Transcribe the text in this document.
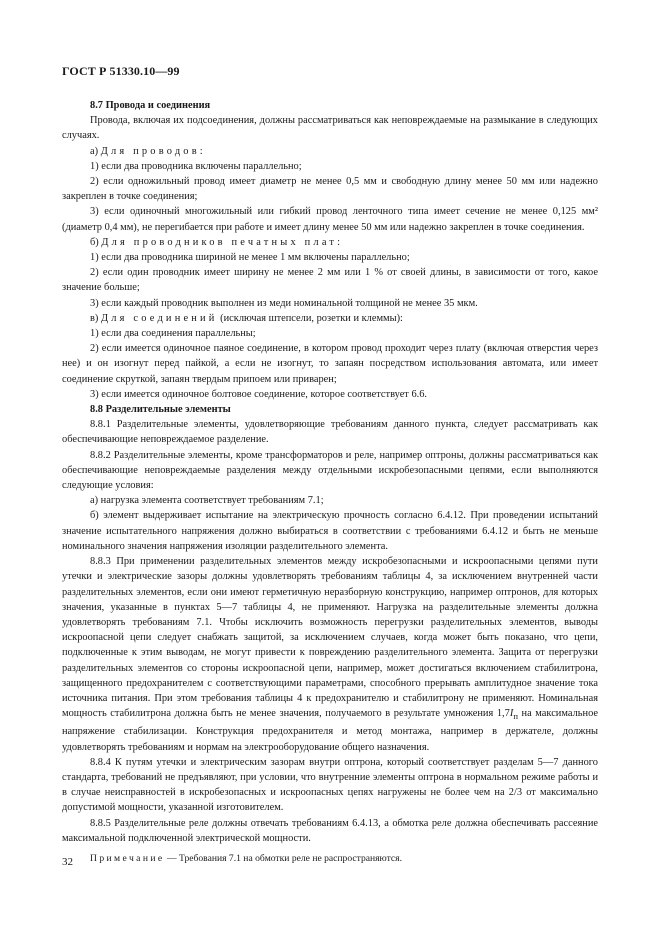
ГОСТ Р 51330.10—99

8.7 Провода и соединения

Провода, включая их подсоединения, должны рассматриваться как неповреждаемые на размыкание в следующих случаях.

а) Для проводов:

1) если два проводника включены параллельно;

2) если одножильный провод имеет диаметр не менее 0,5 мм и свободную длину менее 50 мм или надежно закреплен в точке соединения;

3) если одиночный многожильный или гибкий провод ленточного типа имеет сечение не менее 0,125 мм² (диаметр 0,4 мм), не перегибается при работе и имеет длину менее 50 мм или надежно закреплен в точке соединения.

б) Для проводников печатных плат:

1) если два проводника шириной не менее 1 мм включены параллельно;

2) если один проводник имеет ширину не менее 2 мм или 1 % от своей длины, в зависимости от того, какое значение больше;

3) если каждый проводник выполнен из меди номинальной толщиной не менее 35 мкм.

в) Для соединений (исключая штепсели, розетки и клеммы):

1) если два соединения параллельны;

2) если имеется одиночное паяное соединение, в котором провод проходит через плату (включая отверстия через нее) и он изогнут перед пайкой, а если не изогнут, то запаян посредством использования автомата, или имеет соединение скруткой, запаян твердым припоем или приварен;

3) если имеется одиночное болтовое соединение, которое соответствует 6.6.

8.8 Разделительные элементы

8.8.1 Разделительные элементы, удовлетворяющие требованиям данного пункта, следует рассматривать как обеспечивающие неповреждаемое разделение.

8.8.2 Разделительные элементы, кроме трансформаторов и реле, например оптроны, должны рассматриваться как обеспечивающие неповреждаемые разделения между отдельными искробезопасными цепями, если выполняются следующие условия:

а) нагрузка элемента соответствует требованиям 7.1;

б) элемент выдерживает испытание на электрическую прочность согласно 6.4.12. При проведении испытаний значение испытательного напряжения должно выбираться в соответствии с требованиями 6.4.12 и быть не меньше номинального значения напряжения изоляции разделительного элемента.

8.8.3 При применении разделительных элементов между искробезопасными и искроопасными цепями пути утечки и электрические зазоры должны удовлетворять требованиям таблицы 4, за исключением внутренней части разделительных элементов, если они имеют герметичную неразборную конструкцию, например оптронов, для которых значения, указанные в пунктах 5—7 таблицы 4, не применяют. Нагрузка на разделительные элементы должна удовлетворять требованиям 7.1. Чтобы исключить возможность перегрузки разделительных элементов, выводы искроопасной цепи следует снабжать защитой, за исключением случаев, когда может быть показано, что цепи, подключенные к этим выводам, не могут привести к повреждению разделительного элемента. Защита от перегрузки разделительных элементов со стороны искроопасной цепи, например, может достигаться включением стабилитрона, защищенного предохранителем с соответствующими параметрами, способного прерывать амплитудное значение тока источника питания. При этом требования таблицы 4 к предохранителю и стабилитрону не применяют. Номинальная мощность стабилитрона должна быть не менее значения, получаемого в результате умножения $1,7I_п$ на максимальное напряжение стабилизации. Конструкция предохранителя и метод монтажа, например в держателе, должны удовлетворять требованиям и нормам на электрооборудование общего назначения.

8.8.4 К путям утечки и электрическим зазорам внутри оптрона, который соответствует разделам 5—7 данного стандарта, требований не предъявляют, при условии, что внутренние элементы оптрона в нормальном режиме работы и в случае неисправностей в искробезопасных и искроопасных цепях нагружены не более чем на 2/3 от максимально допустимой мощности, указанной изготовителем.

8.8.5 Разделительные реле должны отвечать требованиям 6.4.13, а обмотка реле должна обеспечивать рассеяние максимальной подключенной электрической мощности.

Примечание — Требования 7.1 на обмотки реле не распространяются.

32
